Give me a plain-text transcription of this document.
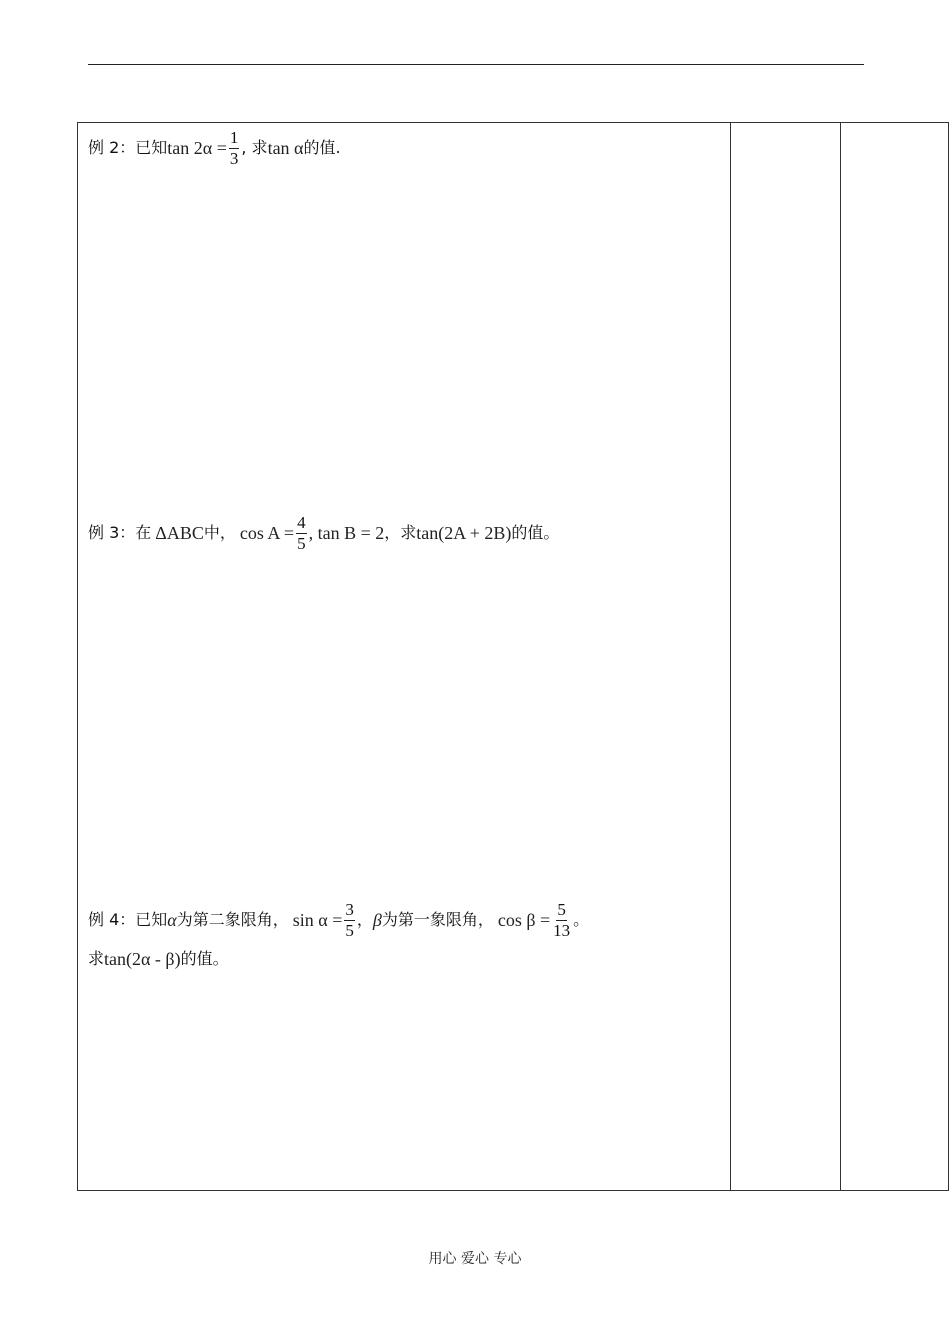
例 2： 已知 $\tan 2\alpha = \frac{1}{3}$ , 求 tan α 的值.
例 3： 在 ΔABC 中， $\cos A = \frac{4}{5}$ , tan B = 2 ，求 tan(2A + 2B) 的值。
例 4： 已知 α 为第二象限角， $\sin \alpha = \frac{3}{5}$ ， β 为第一象限角， $\cos \beta = \frac{5}{13}$ 。
求 tan(2α - β) 的值。
用心 爱心 专心
